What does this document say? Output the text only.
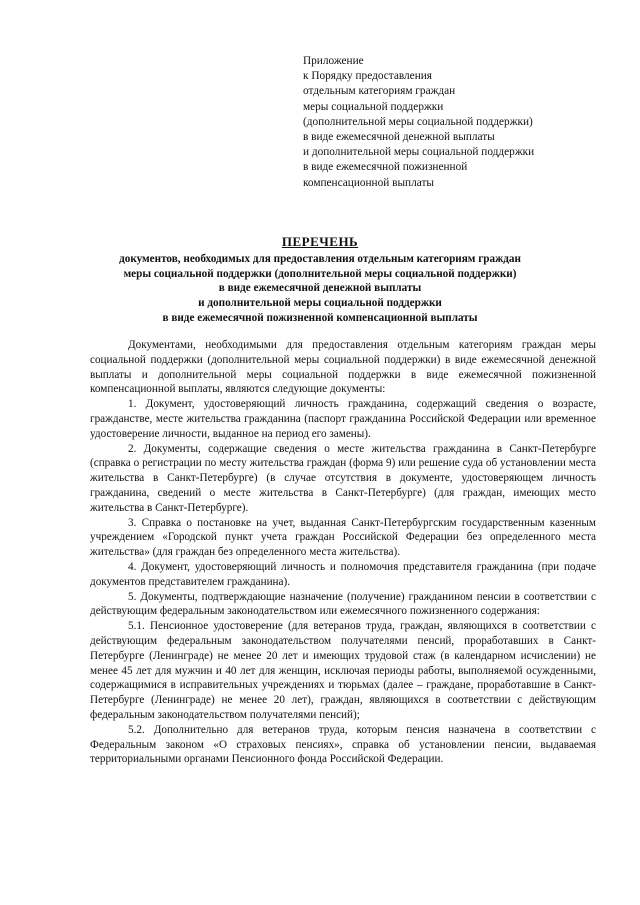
Приложение
к Порядку предоставления
отдельным категориям граждан
меры социальной поддержки
(дополнительной меры социальной поддержки)
в виде ежемесячной денежной выплаты
и дополнительной меры социальной поддержки
в виде ежемесячной пожизненной
компенсационной выплаты
ПЕРЕЧЕНЬ
документов, необходимых для предоставления отдельным категориям граждан
меры социальной поддержки (дополнительной меры социальной поддержки)
в виде ежемесячной денежной выплаты
и дополнительной меры социальной поддержки
в виде ежемесячной пожизненной компенсационной выплаты

Документами, необходимыми для предоставления отдельным категориям граждан меры социальной поддержки (дополнительной меры социальной поддержки) в виде ежемесячной денежной выплаты и дополнительной меры социальной поддержки в виде ежемесячной пожизненной компенсационной выплаты, являются следующие документы:

1. Документ, удостоверяющий личность гражданина, содержащий сведения о возрасте, гражданстве, месте жительства гражданина (паспорт гражданина Российской Федерации или временное удостоверение личности, выданное на период его замены).

2. Документы, содержащие сведения о месте жительства гражданина в Санкт-Петербурге (справка о регистрации по месту жительства граждан (форма 9) или решение суда об установлении места жительства в Санкт-Петербурге) (в случае отсутствия в документе, удостоверяющем личность гражданина, сведений о месте жительства в Санкт-Петербурге) (для граждан, имеющих место жительства в Санкт-Петербурге).

3. Справка о постановке на учет, выданная Санкт-Петербургским государственным казенным учреждением «Городской пункт учета граждан Российской Федерации без определенного места жительства» (для граждан без определенного места жительства).

4. Документ, удостоверяющий личность и полномочия представителя гражданина (при подаче документов представителем гражданина).

5. Документы, подтверждающие назначение (получение) гражданином пенсии в соответствии с действующим федеральным законодательством или ежемесячного пожизненного содержания:

5.1. Пенсионное удостоверение (для ветеранов труда, граждан, являющихся в соответствии с действующим федеральным законодательством получателями пенсий, проработавших в Санкт-Петербурге (Ленинграде) не менее 20 лет и имеющих трудовой стаж (в календарном исчислении) не менее 45 лет для мужчин и 40 лет для женщин, исключая периоды работы, выполняемой осужденными, содержащимися в исправительных учреждениях и тюрьмах (далее – граждане, проработавшие в Санкт-Петербурге (Ленинграде) не менее 20 лет), граждан, являющихся в соответствии с действующим федеральным законодательством получателями пенсий);

5.2. Дополнительно для ветеранов труда, которым пенсия назначена в соответствии с Федеральным законом «О страховых пенсиях», справка об установлении пенсии, выдаваемая территориальными органами Пенсионного фонда Российской Федерации.
